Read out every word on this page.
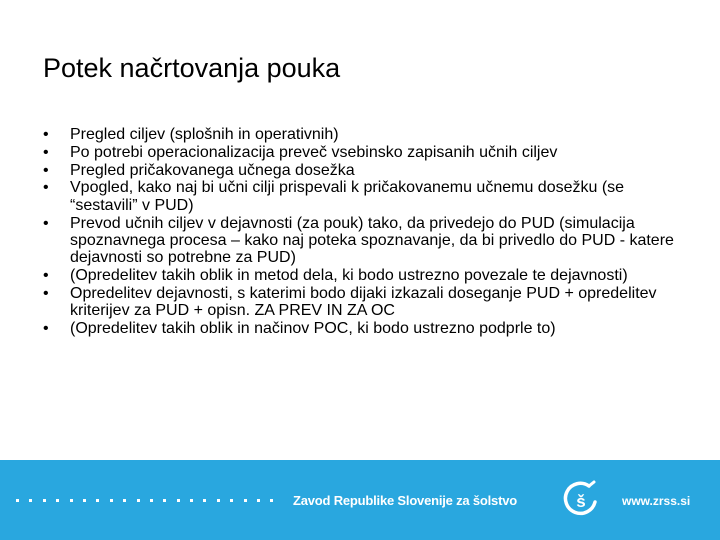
Potek načrtovanja pouka
•	Pregled ciljev (splošnih in operativnih)
•	Po potrebi operacionalizacija preveč vsebinsko zapisanih učnih ciljev
•	Pregled pričakovanega učnega dosežka
•	Vpogled, kako naj bi učni cilji prispevali k pričakovanemu učnemu dosežku (se “sestavili” v PUD)
•	Prevod učnih ciljev v dejavnosti (za pouk) tako, da privedejo do PUD (simulacija spoznavnega procesa – kako naj poteka spoznavanje, da bi privedlo do PUD - katere dejavnosti so potrebne za PUD)
•	(Opredelitev takih oblik in metod dela, ki bodo ustrezno povezale te dejavnosti)
•	Opredelitev dejavnosti, s katerimi bodo dijaki izkazali doseganje PUD + opredelitev kriterijev za PUD + opisn. ZA PREV IN ZA OC
•	(Opredelitev takih oblik in načinov POC, ki bodo ustrezno podprle to)
Zavod Republike Slovenije za šolstvo	š	www.zrss.si
